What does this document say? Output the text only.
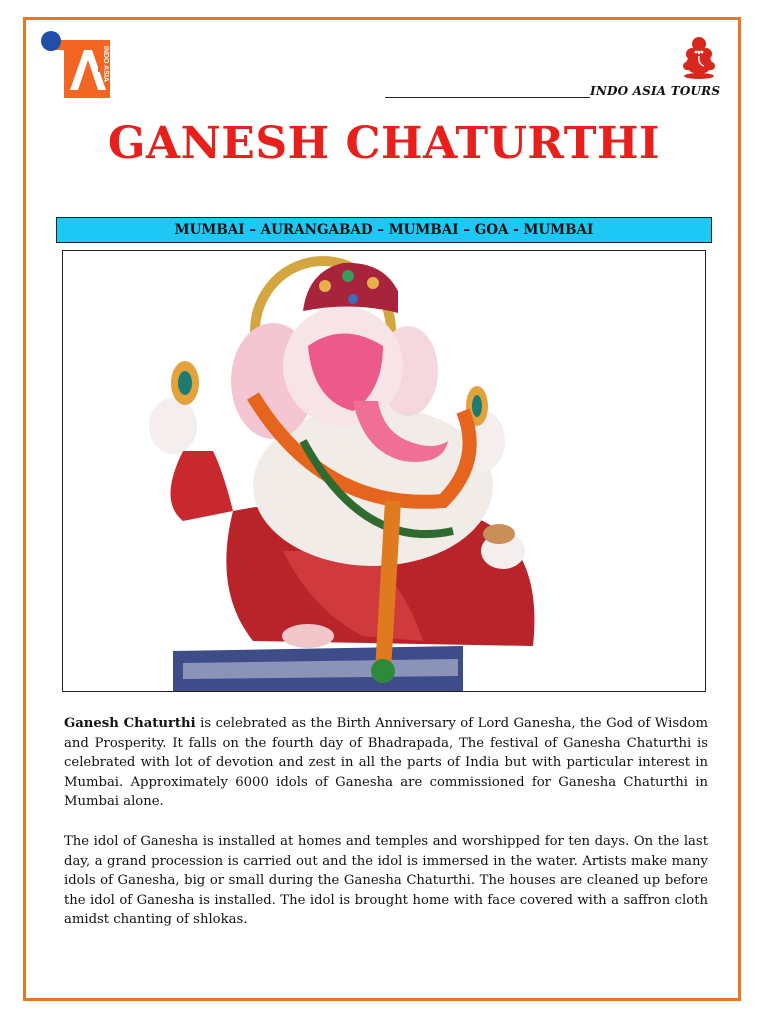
INDO ASIA
INDO ASIA TOURS
GANESH CHATURTHI
MUMBAI – AURANGABAD – MUMBAI – GOA - MUMBAI

Ganesh Chaturthi is celebrated as the Birth Anniversary of Lord Ganesha, the God of Wisdom and Prosperity. It falls on the fourth day of Bhadrapada, The festival of Ganesha Chaturthi is celebrated with lot of devotion and zest in all the parts of India but with particular interest in Mumbai. Approximately 6000 idols of Ganesha are commissioned for Ganesha Chaturthi in Mumbai alone.

The idol of Ganesha is installed at homes and temples and worshipped for ten days. On the last day, a grand procession is carried out and the idol is immersed in the water. Artists make many idols of Ganesha, big or small during the Ganesha Chaturthi. The houses are cleaned up before the idol of Ganesha is installed. The idol is brought home with face covered with a saffron cloth amidst chanting of shlokas.
